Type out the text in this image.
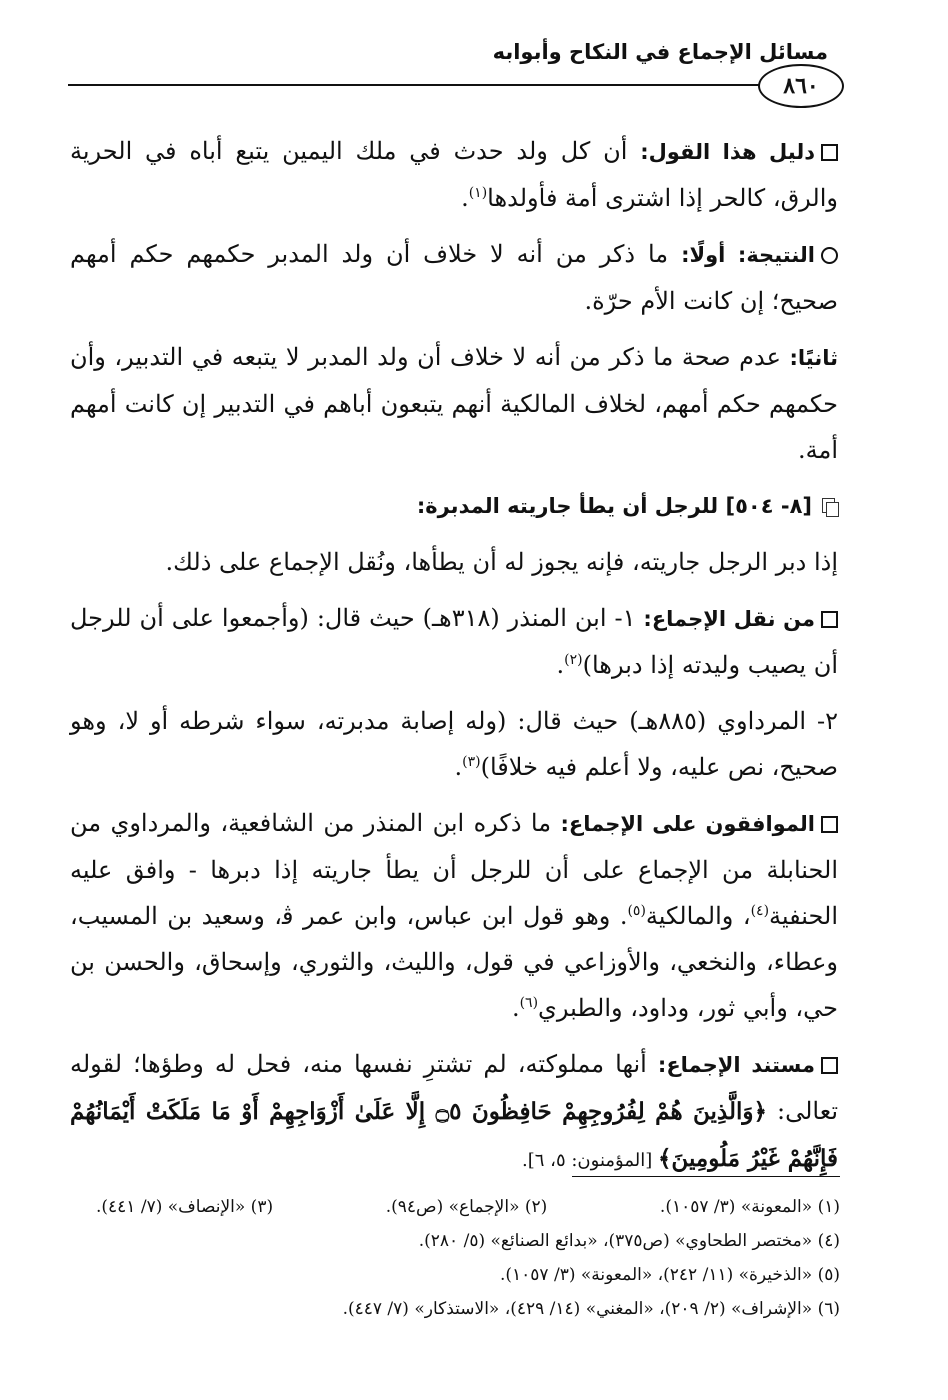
مسائل الإجماع في النكاح وأبوابه
٨٦٠

دليل هذا القول: أن كل ولد حدث في ملك اليمين يتبع أباه في الحرية والرق، كالحر إذا اشترى أمة فأولدها$^{(١)}$.

النتيجة: أولًا: ما ذكر من أنه لا خلاف أن ولد المدبر حكمهم حكم أمهم صحيح؛ إن كانت الأم حرّة.

ثانيًا: عدم صحة ما ذكر من أنه لا خلاف أن ولد المدبر لا يتبعه في التدبير، وأن حكمهم حكم أمهم، لخلاف المالكية أنهم يتبعون أباهم في التدبير إن كانت أمهم أمة.

[٨- ٥٠٤] للرجل أن يطأ جاريته المدبرة:

إذا دبر الرجل جاريته، فإنه يجوز له أن يطأها، ونُقل الإجماع على ذلك.

من نقل الإجماع: ١- ابن المنذر (٣١٨هـ) حيث قال: (وأجمعوا على أن للرجل أن يصيب وليدته إذا دبرها)$^{(٢)}$.

٢- المرداوي (٨٨٥هـ) حيث قال: (وله إصابة مدبرته، سواء شرطه أو لا، وهو صحيح، نص عليه، ولا أعلم فيه خلافًا)$^{(٣)}$.

الموافقون على الإجماع: ما ذكره ابن المنذر من الشافعية، والمرداوي من الحنابلة من الإجماع على أن للرجل أن يطأ جاريته إذا دبرها - وافق عليه الحنفية$^{(٤)}$، والمالكية$^{(٥)}$. وهو قول ابن عباس، وابن عمر ﭬ، وسعيد بن المسيب، وعطاء، والنخعي، والأوزاعي في قول، والليث، والثوري، وإسحاق، والحسن بن حي، وأبي ثور، وداود، والطبري$^{(٦)}$.

مستند الإجماع: أنها مملوكته، لم تشترِ نفسها منه، فحل له وطؤها؛ لقوله تعالى: ﴿وَالَّذِينَ هُمْ لِفُرُوجِهِمْ حَافِظُونَ ۝٥ إِلَّا عَلَىٰ أَزْوَاجِهِمْ أَوْ مَا مَلَكَتْ أَيْمَانُهُمْ فَإِنَّهُمْ غَيْرُ مَلُومِينَ﴾ [المؤمنون: ٥، ٦].

(١) «المعونة» (٣/ ١٠٥٧).
(٢) «الإجماع» (ص٩٤).
(٣) «الإنصاف» (٧/ ٤٤١).
(٤) «مختصر الطحاوي» (ص٣٧٥)، «بدائع الصنائع» (٥/ ٢٨٠).
(٥) «الذخيرة» (١١/ ٢٤٢)، «المعونة» (٣/ ١٠٥٧).
(٦) «الإشراف» (٢/ ٢٠٩)، «المغني» (١٤/ ٤٢٩)، «الاستذكار» (٧/ ٤٤٧).
